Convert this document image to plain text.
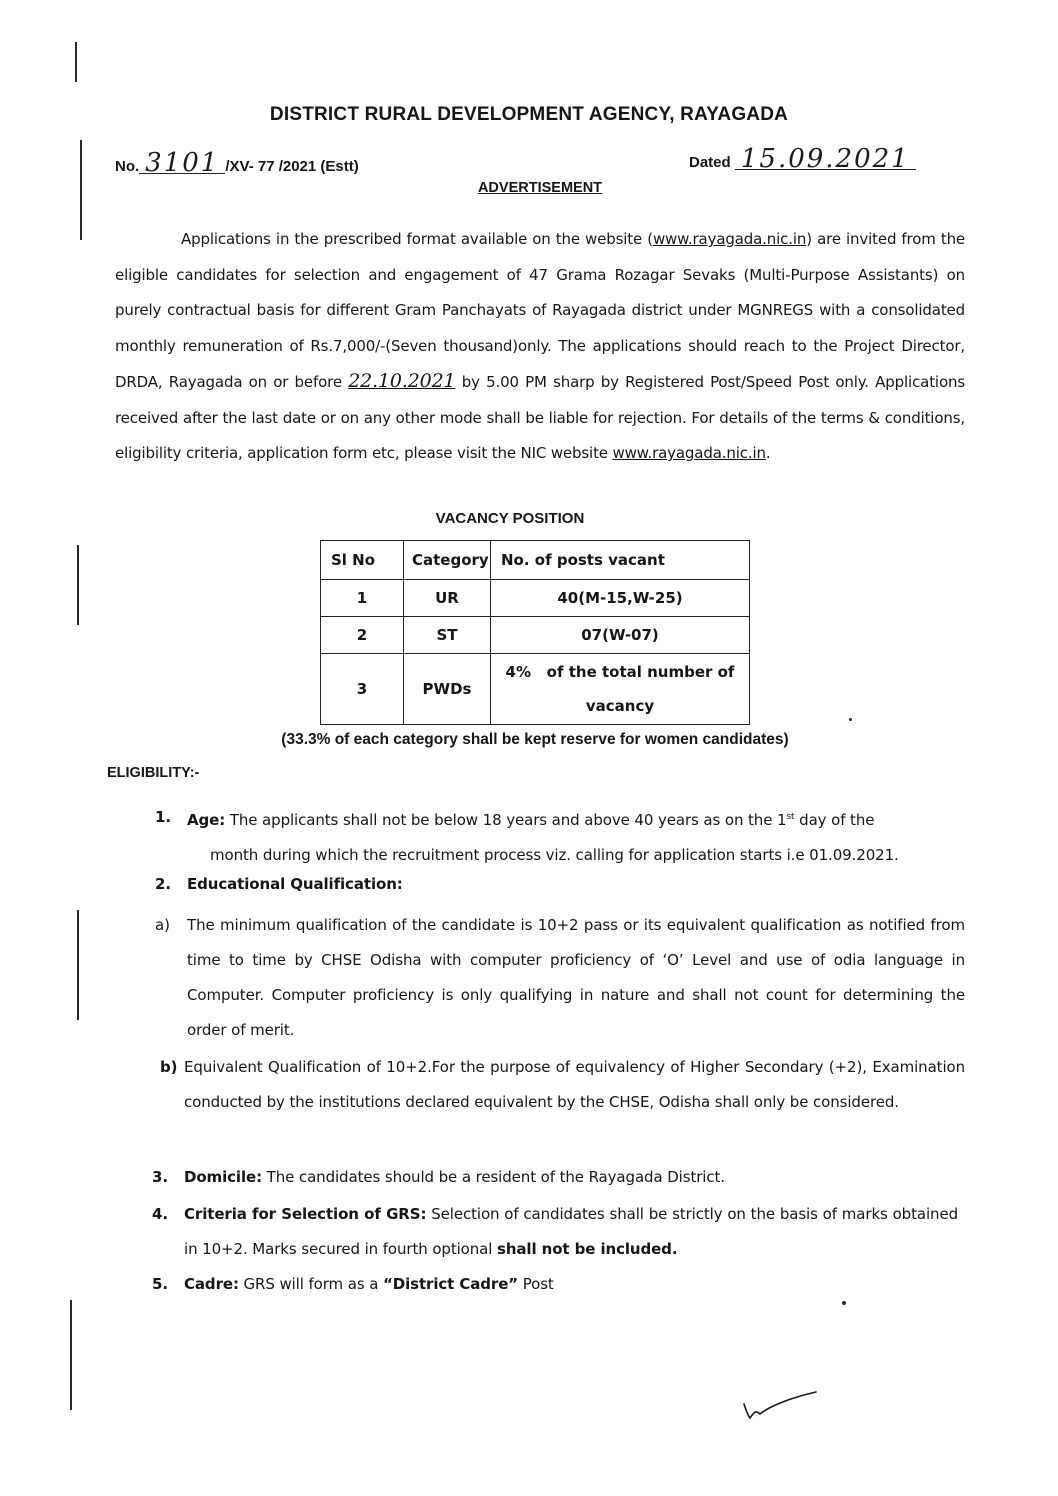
DISTRICT RURAL DEVELOPMENT AGENCY, RAYAGADA
No. 3101 /XV- 77 /2021 (Estt)	Dated 15.09.2021
ADVERTISEMENT
Applications in the prescribed format available on the website (www.rayagada.nic.in) are invited from the eligible candidates for selection and engagement of 47 Grama Rozagar Sevaks (Multi-Purpose Assistants) on purely contractual basis for different Gram Panchayats of Rayagada district under MGNREGS with a consolidated monthly remuneration of Rs.7,000/-(Seven thousand)only. The applications should reach to the Project Director, DRDA, Rayagada on or before 22.10.2021 by 5.00 PM sharp by Registered Post/Speed Post only. Applications received after the last date or on any other mode shall be liable for rejection. For details of the terms & conditions, eligibility criteria, application form etc, please visit the NIC website www.rayagada.nic.in.
VACANCY POSITION
Sl No	Category	No. of posts vacant
1	UR	40(M-15,W-25)
2	ST	07(W-07)
3	PWDs	4%   of the total number of
vacancy
(33.3% of each category shall be kept reserve for women candidates)
ELIGIBILITY:-
1.	Age: The applicants shall not be below 18 years and above 40 years as on the 1st day of the
month during which the recruitment process viz. calling for application starts i.e 01.09.2021.
2.	Educational Qualification:
a)	The minimum qualification of the candidate is 10+2 pass or its equivalent qualification as notified from time to time by CHSE Odisha with computer proficiency of ‘O’ Level and use of odia language in Computer. Computer proficiency is only qualifying in nature and shall not count for determining the order of merit.
b) Equivalent Qualification of 10+2.For the purpose of equivalency of Higher Secondary (+2), Examination conducted by the institutions declared equivalent by the CHSE, Odisha shall only be considered.
3.	Domicile: The candidates should be a resident of the Rayagada District.
4.	Criteria for Selection of GRS: Selection of candidates shall be strictly on the basis of marks obtained in 10+2. Marks secured in fourth optional shall not be included.
5.	Cadre: GRS will form as a “District Cadre” Post
